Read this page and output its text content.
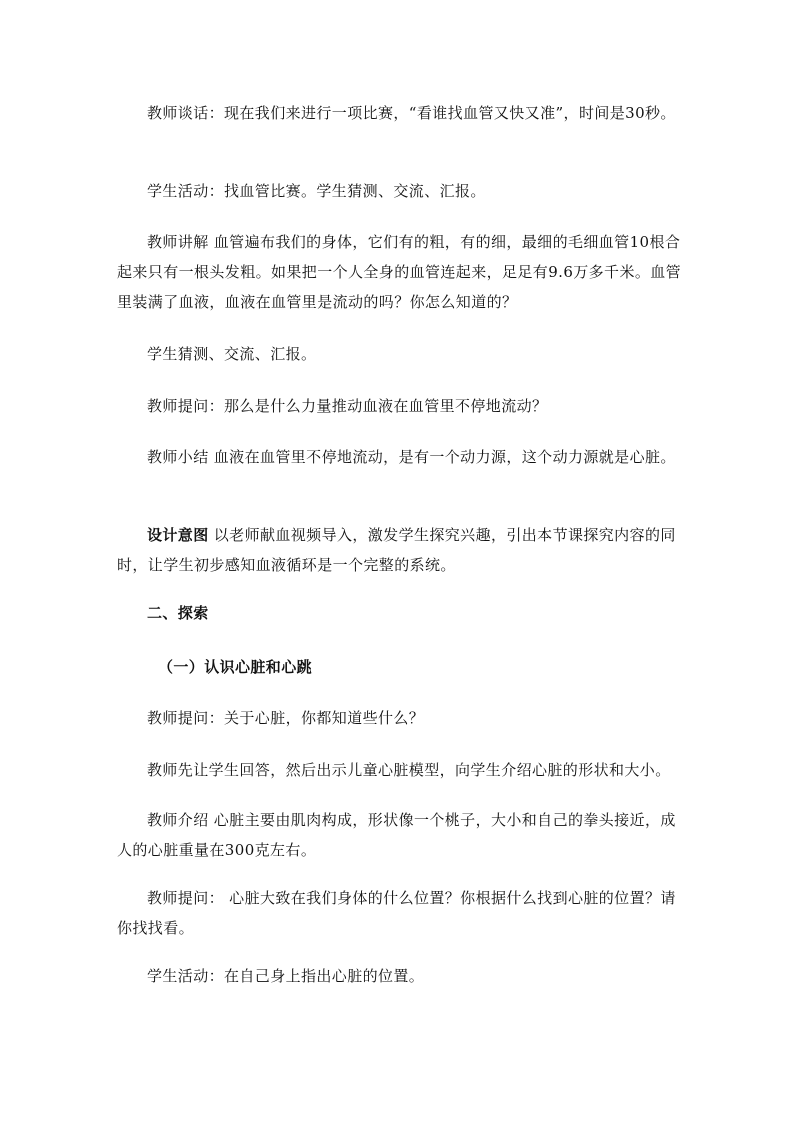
教师谈话：现在我们来进行一项比赛，“看谁找血管又快又准”，时间是30秒。

学生活动：找血管比赛。学生猜测、交流、汇报。

教师讲解 血管遍布我们的身体，它们有的粗，有的细，最细的毛细血管10根合起来只有一根头发粗。如果把一个人全身的血管连起来，足足有9.6万多千米。血管里装满了血液，血液在血管里是流动的吗？你怎么知道的？

学生猜测、交流、汇报。

教师提问：那么是什么力量推动血液在血管里不停地流动？

教师小结 血液在血管里不停地流动，是有一个动力源，这个动力源就是心脏。

设计意图 以老师献血视频导入，激发学生探究兴趣，引出本节课探究内容的同时，让学生初步感知血液循环是一个完整的系统。

二、探索

（一）认识心脏和心跳

教师提问：关于心脏，你都知道些什么？

教师先让学生回答，然后出示儿童心脏模型，向学生介绍心脏的形状和大小。

教师介绍 心脏主要由肌肉构成，形状像一个桃子，大小和自己的拳头接近，成人的心脏重量在300克左右。

教师提问： 心脏大致在我们身体的什么位置？你根据什么找到心脏的位置？请你找找看。

学生活动：在自己身上指出心脏的位置。
